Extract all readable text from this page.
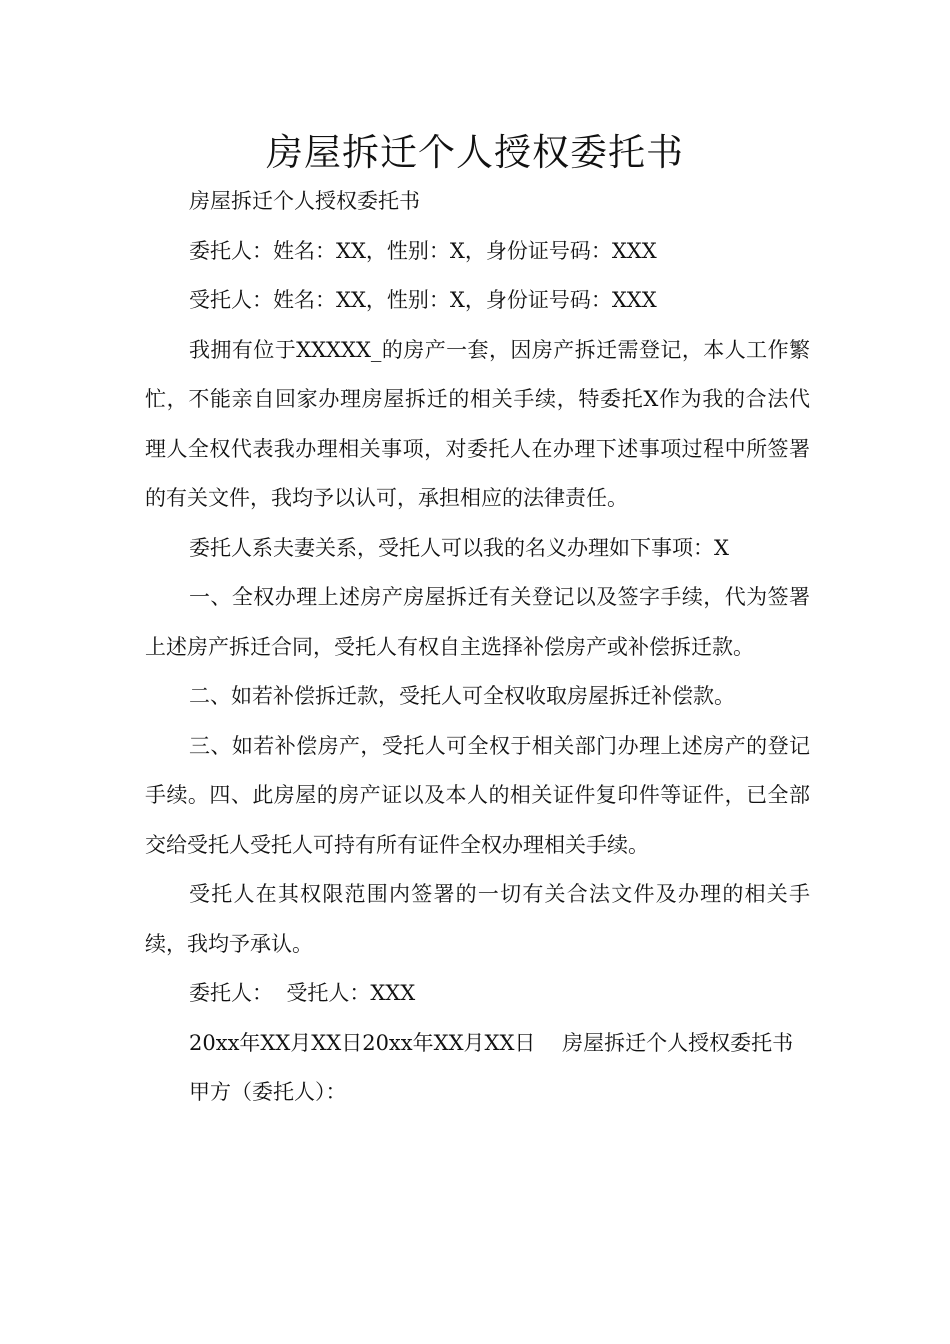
房屋拆迁个人授权委托书

房屋拆迁个人授权委托书

委托人：姓名：XX，性别：X，身份证号码：XXX

受托人：姓名：XX，性别：X，身份证号码：XXX

我拥有位于XXXXX_的房产一套，因房产拆迁需登记，本人工作繁忙，不能亲自回家办理房屋拆迁的相关手续，特委托X作为我的合法代理人全权代表我办理相关事项，对委托人在办理下述事项过程中所签署的有关文件，我均予以认可，承担相应的法律责任。

委托人系夫妻关系，受托人可以我的名义办理如下事项：X

一、全权办理上述房产房屋拆迁有关登记以及签字手续，代为签署上述房产拆迁合同，受托人有权自主选择补偿房产或补偿拆迁款。

二、如若补偿拆迁款，受托人可全权收取房屋拆迁补偿款。

三、如若补偿房产，受托人可全权于相关部门办理上述房产的登记手续。四、此房屋的房产证以及本人的相关证件复印件等证件，已全部交给受托人受托人可持有所有证件全权办理相关手续。

受托人在其权限范围内签署的一切有关合法文件及办理的相关手续，我均予承认。

委托人：  受托人：XXX

20xx年XX月XX日20xx年XX月XX日    房屋拆迁个人授权委托书

甲方（委托人）：
